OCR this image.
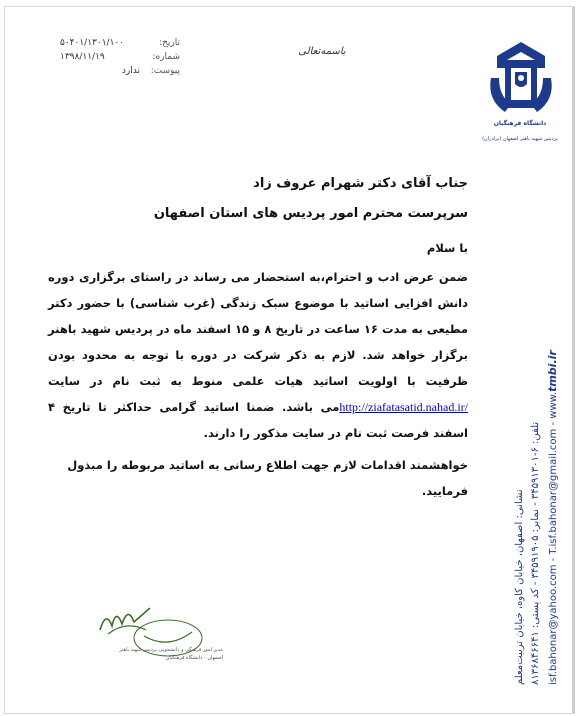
تاریخ:
۵۰۴۰۱/۱۳۰۱/۱۰۰
شماره:
۱۳۹۸/۱۱/۱۹
پیوست:
ندارد
باسمه‌تعالی
دانشگاه فرهنگیان
پردیس شهید باهنر اصفهان (برادران)
نشانی: اصفهان، خیابان کاوه، خیابان تربیت‌معلم تلفن: ۶-۳۴۵۹۱۳۰۱ - نمابر: ۳۴۵۹۱۹۰۵ - کد پستی: ۸۱۳۶۸۴۶۶۴۱ isf.bahonar@yahoo.com - T.isf.bahonar@gmail.com - www.tmbi.ir

جناب آقای دکتر شهرام عروف زاد

سرپرست محترم امور پردیس های استان اصفهان

با سلام
ضمن عرض ادب و احترام،به استحضار می رساند در راستای برگزاری دوره دانش افزایی اساتید با موضوع سبک زندگی (غرب شناسی) با حضور دکتر مطیعی به مدت ۱۶ ساعت در تاریخ ۸ و ۱۵ اسفند ماه در پردیس شهید باهنر برگزار خواهد شد. لازم به ذکر شرکت در دوره با توجه به محدود بودن ظرفیت با اولویت اساتید هیات علمی منوط به ثبت نام در سایت http://ziafatasatid.nahad.ir/می باشد. ضمنا اساتید گرامی حداکثر تا تاریخ ۴ اسفند فرصت ثبت نام در سایت مذکور را دارند.
خواهشمند اقدامات لازم جهت اطلاع رسانی به اساتید مربوطه را مبذول فرمایید.
مدیر امور فرهنگی و دانشجویی پردیس شهید باهنر اصفهان - دانشگاه فرهنگیان
